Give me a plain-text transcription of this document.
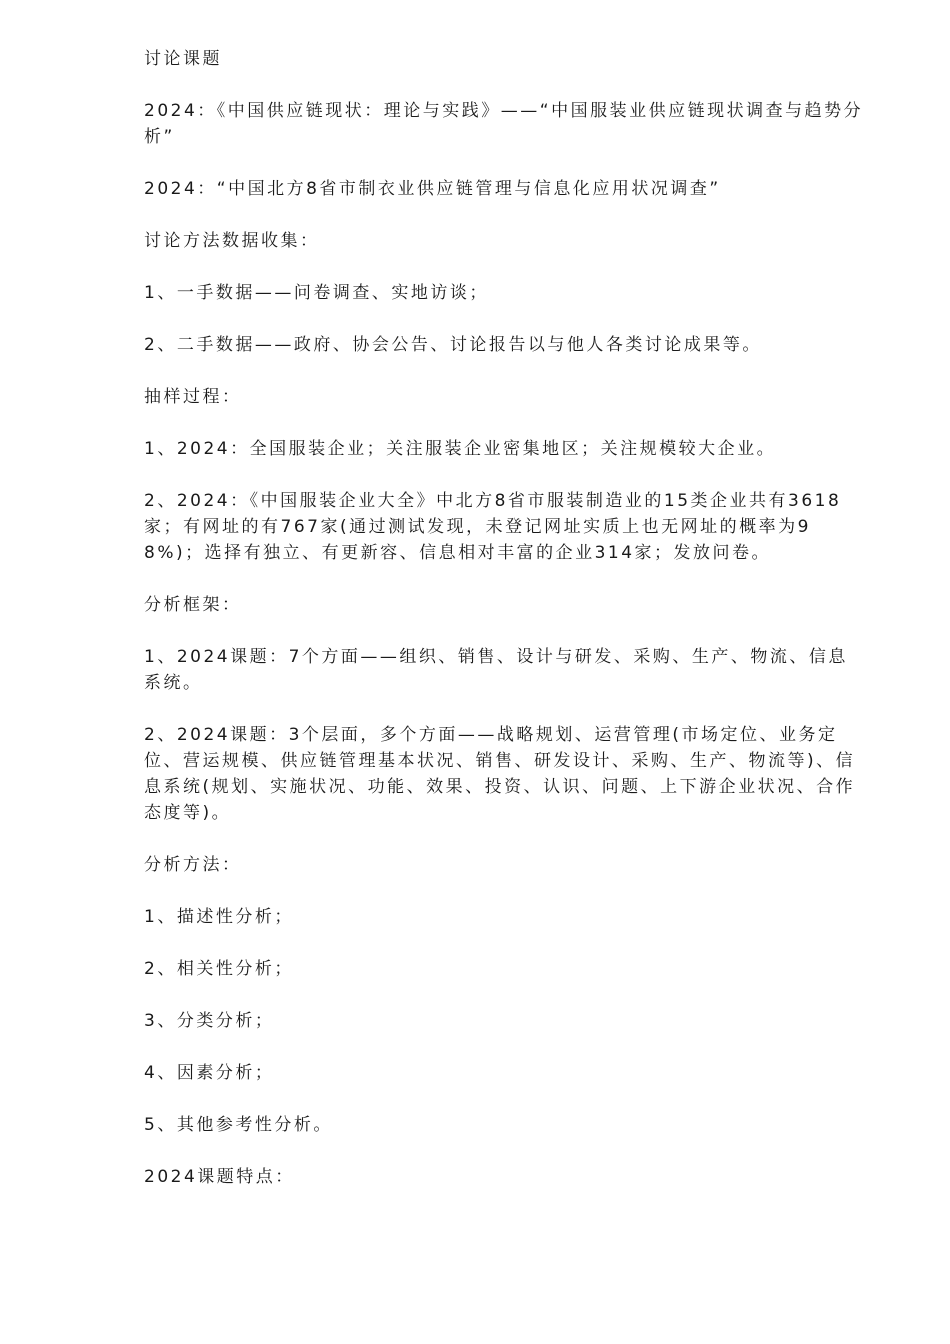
讨论课题

2024：《中国供应链现状：理论与实践》——“中国服装业供应链现状调查与趋势分析”

2024：“中国北方8省市制衣业供应链管理与信息化应用状况调查”

讨论方法数据收集：

1、一手数据——问卷调查、实地访谈；

2、二手数据——政府、协会公告、讨论报告以与他人各类讨论成果等。

抽样过程：

1、2024：全国服装企业；关注服装企业密集地区；关注规模较大企业。

2、2024：《中国服装企业大全》中北方8省市服装制造业的15类企业共有3618家；有网址的有767家(通过测试发现，未登记网址实质上也无网址的概率为98%)；选择有独立、有更新容、信息相对丰富的企业314家；发放问卷。

分析框架：

1、2024课题：7个方面——组织、销售、设计与研发、采购、生产、物流、信息系统。

2、2024课题：3个层面，多个方面——战略规划、运营管理(市场定位、业务定位、营运规模、供应链管理基本状况、销售、研发设计、采购、生产、物流等)、信息系统(规划、实施状况、功能、效果、投资、认识、问题、上下游企业状况、合作态度等)。

分析方法：

1、描述性分析；

2、相关性分析；

3、分类分析；

4、因素分析；

5、其他参考性分析。

2024课题特点：
